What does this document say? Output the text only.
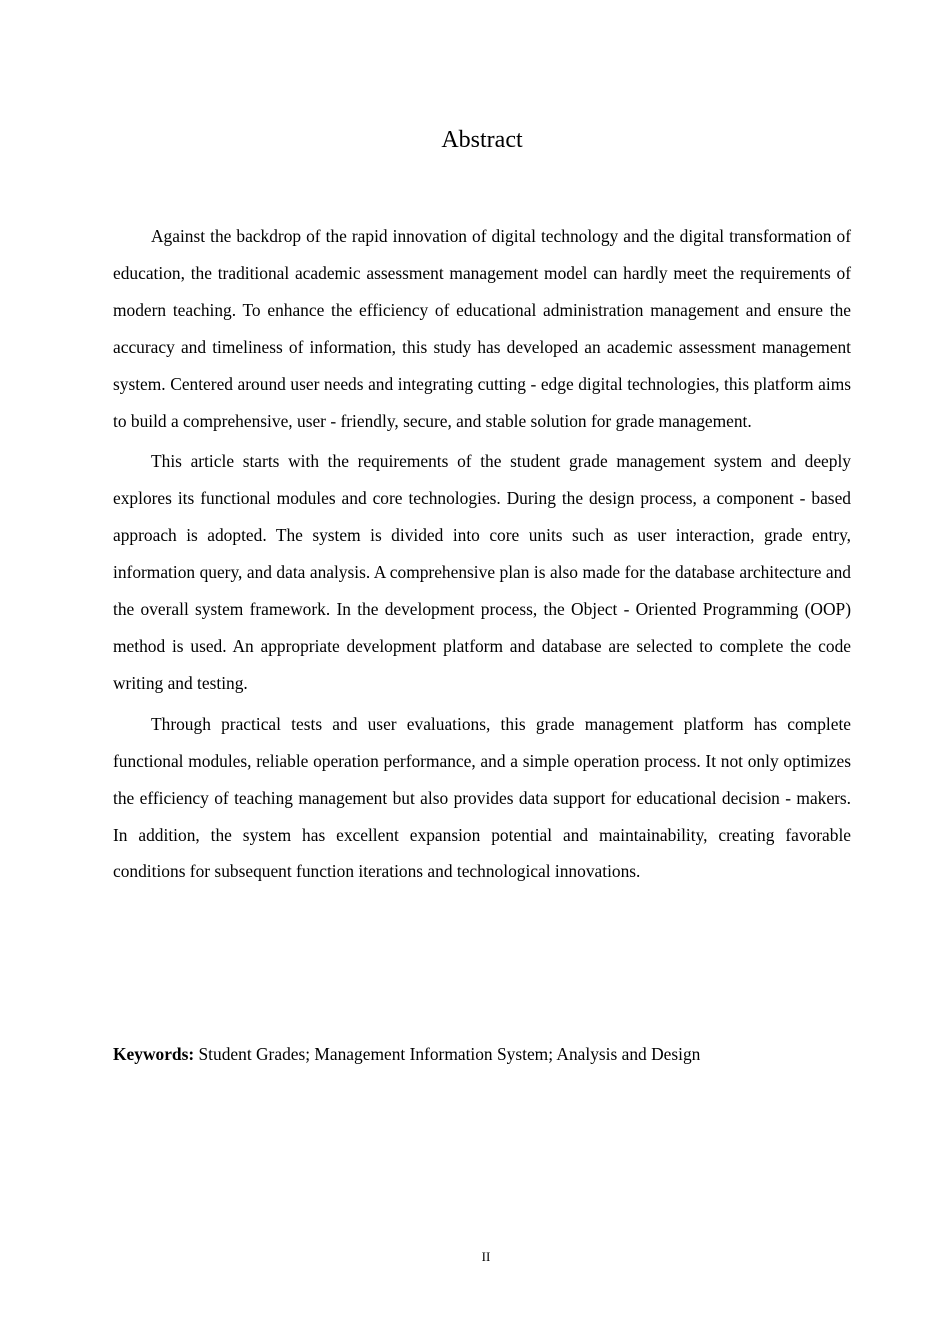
Abstract

Against the backdrop of the rapid innovation of digital technology and the digital transformation of education, the traditional academic assessment management model can hardly meet the requirements of modern teaching. To enhance the efficiency of educational administration management and ensure the accuracy and timeliness of information, this study has developed an academic assessment management system. Centered around user needs and integrating cutting - edge digital technologies, this platform aims to build a comprehensive, user - friendly, secure, and stable solution for grade management.

This article starts with the requirements of the student grade management system and deeply explores its functional modules and core technologies. During the design process, a component - based approach is adopted. The system is divided into core units such as user interaction, grade entry, information query, and data analysis. A comprehensive plan is also made for the database architecture and the overall system framework. In the development process, the Object - Oriented Programming (OOP) method is used. An appropriate development platform and database are selected to complete the code writing and testing.

Through practical tests and user evaluations, this grade management platform has complete functional modules, reliable operation performance, and a simple operation process. It not only optimizes the efficiency of teaching management but also provides data support for educational decision - makers. In addition, the system has excellent expansion potential and maintainability, creating favorable conditions for subsequent function iterations and technological innovations.

Keywords: Student Grades; Management Information System; Analysis and Design

II
